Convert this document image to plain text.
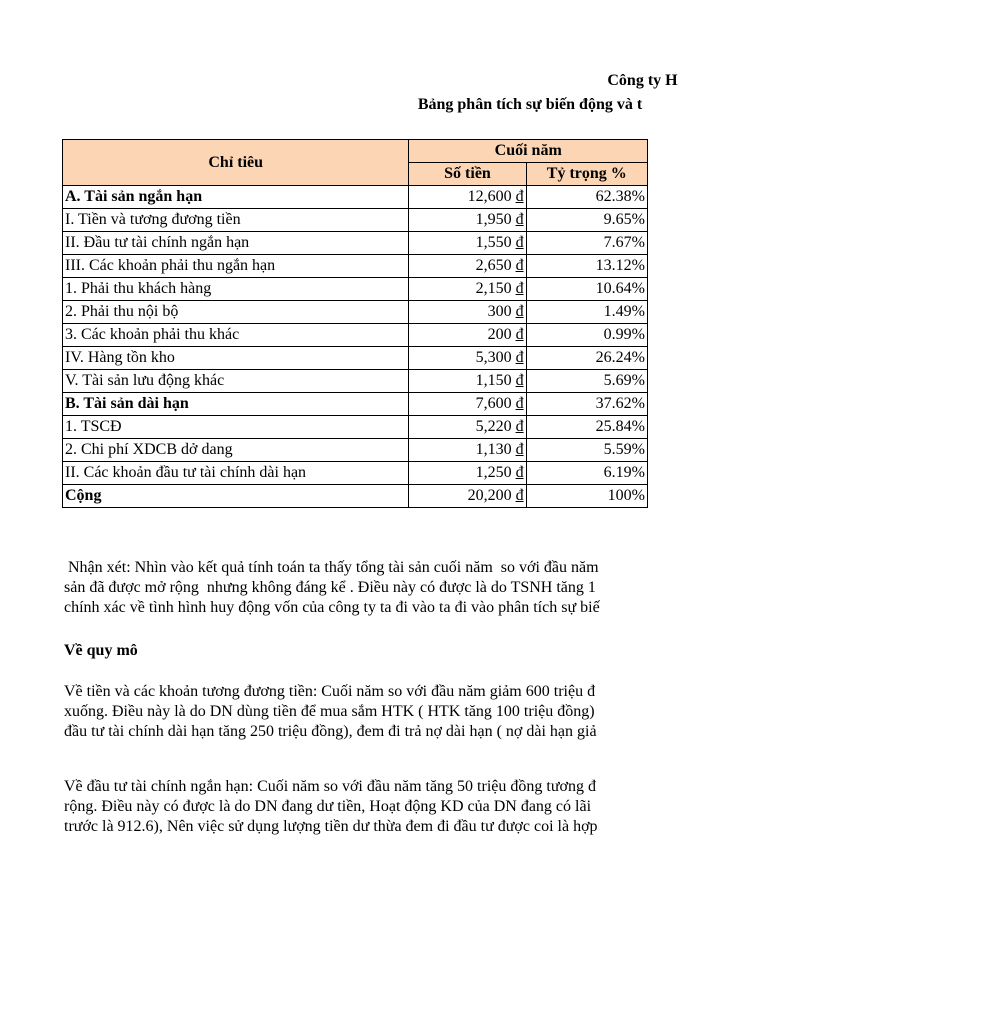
Công ty H
Bảng phân tích sự biến động và t
Chỉ tiêu	Cuối năm	
	Số tiền	Tỷ trọng %
A. Tài sản ngắn hạn	12,600 đ	62.38%
I. Tiền và tương đương tiền	1,950 đ	9.65%
II. Đầu tư tài chính ngắn hạn	1,550 đ	7.67%
III. Các khoản phải thu ngắn hạn	2,650 đ	13.12%
1. Phải thu khách hàng	2,150 đ	10.64%
2. Phải thu nội bộ	300 đ	1.49%
3. Các khoản phải thu khác	200 đ	0.99%
IV. Hàng tồn kho	5,300 đ	26.24%
V. Tài sản lưu động khác	1,150 đ	5.69%
B. Tài sản dài hạn	7,600 đ	37.62%
1. TSCĐ	5,220 đ	25.84%
2. Chi phí XDCB dở dang	1,130 đ	5.59%
II. Các khoản đầu tư tài chính dài hạn	1,250 đ	6.19%
Cộng	20,200 đ	100%
Nhận xét: Nhìn vào kết quả tính toán ta thấy tổng tài sản cuối năm  so với đầu năm
sản đã được mở rộng  nhưng không đáng kể . Điều này có được là do TSNH tăng 1
chính xác về tình hình huy động vốn của công ty ta đi vào ta đi vào phân tích sự biế
Về quy mô
Về tiền và các khoản tương đương tiền: Cuối năm so với đầu năm giảm 600 triệu đ
xuống. Điều này là do DN dùng tiền để mua sắm HTK ( HTK tăng 100 triệu đồng)
đầu tư tài chính dài hạn tăng 250 triệu đồng), đem đi trả nợ dài hạn ( nợ dài hạn giả
Về đầu tư tài chính ngắn hạn: Cuối năm so với đầu năm tăng 50 triệu đồng tương đ
rộng. Điều này có được là do DN đang dư tiền, Hoạt động KD của DN đang có lãi
trước là 912.6), Nên việc sử dụng lượng tiền dư thừa đem đi đầu tư được coi là hợp
